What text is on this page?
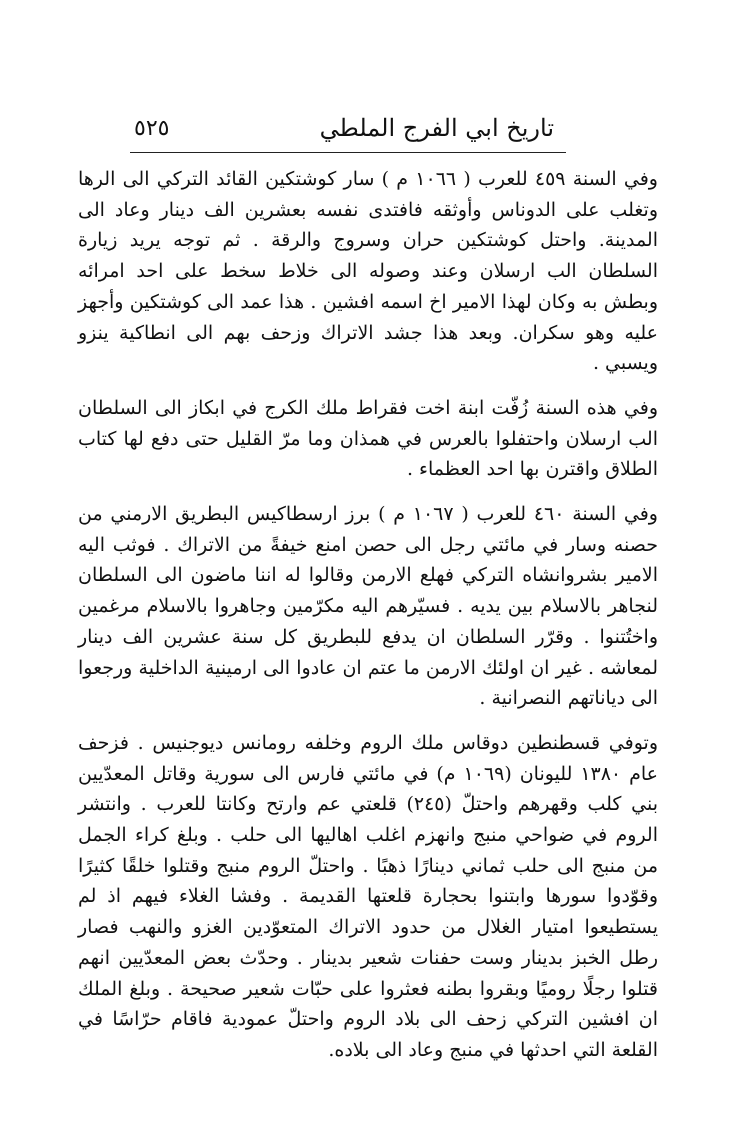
تاريخ ابي الفرج الملطي
٥٢٥

وفي السنة ٤٥٩ للعرب ( ١٠٦٦ م ) سار كوشتكين القائد التركي الى الرها وتغلب على الدوناس وأوثقه فافتدى نفسه بعشرين الف دينار وعاد الى المدينة. واحتل كوشتكين حران وسروج والرقة . ثم توجه يريد زيارة السلطان الب ارسلان وعند وصوله الى خلاط سخط على احد امرائه وبطش به وكان لهذا الامير اخ اسمه افشين . هذا عمد الى كوشتكين وأجهز عليه وهو سكران. وبعد هذا جشد الاتراك وزحف بهم الى انطاكية ينزو ويسبي .

وفي هذه السنة زُفّت ابنة اخت فقراط ملك الكرج في ابكاز الى السلطان الب ارسلان واحتفلوا بالعرس في همذان وما مرّ القليل حتى دفع لها كتاب الطلاق واقترن بها احد العظماء .

وفي السنة ٤٦٠ للعرب ( ١٠٦٧ م ) برز ارسطاكيس البطريق الارمني من حصنه وسار في مائتي رجل الى حصن امنع خيفةً من الاتراك . فوثب اليه الامير بشروانشاه التركي فهلع الارمن وقالوا له اننا ماضون الى السلطان لنجاهر بالاسلام بين يديه . فسيّرهم اليه مكرّمين وجاهروا بالاسلام مرغمين واختُتنوا . وقرّر السلطان ان يدفع للبطريق كل سنة عشرين الف دينار لمعاشه . غير ان اولئك الارمن ما عتم ان عادوا الى ارمينية الداخلية ورجعوا الى دياناتهم النصرانية .

وتوفي قسطنطين دوقاس ملك الروم وخلفه رومانس ديوجنيس . فزحف عام ١٣٨٠ لليونان (١٠٦٩ م) في مائتي فارس الى سورية وقاتل المعدّيين بني كلب وقهرهم واحتلّ (٢٤٥) قلعتي عم وارتح وكانتا للعرب . وانتشر الروم في ضواحي منبج وانهزم اغلب اهاليها الى حلب . وبلغ كراء الجمل من منبج الى حلب ثماني دينارًا ذهبًا . واحتلّ الروم منبج وقتلوا خلقًا كثيرًا وقوّدوا سورها وابتنوا بحجارة قلعتها القديمة . وفشا الغلاء فيهم اذ لم يستطيعوا امتيار الغلال من حدود الاتراك المتعوّدين الغزو والنهب فصار رطل الخبز بدينار وست حفنات شعير بدينار . وحدّث بعض المعدّيين انهم قتلوا رجلًا روميًا وبقروا بطنه فعثروا على حبّات شعير صحيحة . وبلغ الملك ان افشين التركي زحف الى بلاد الروم واحتلّ عمودية فاقام حرّاسًا في القلعة التي احدثها في منبج وعاد الى بلاده.
